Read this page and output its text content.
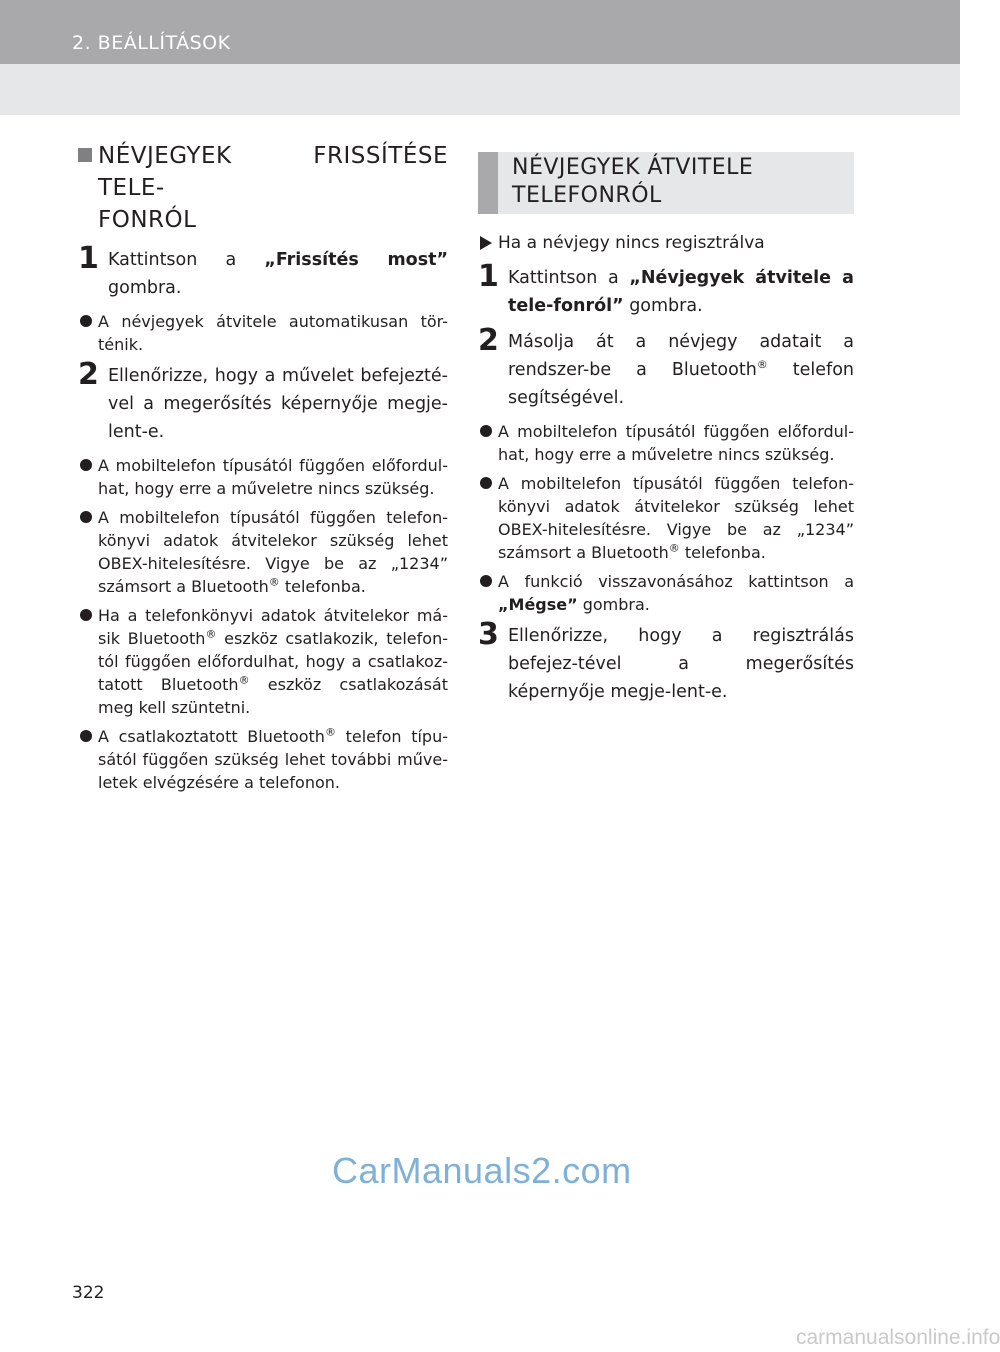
2. BEÁLLÍTÁSOK
NÉVJEGYEK FRISSÍTÉSE TELE-
FONRÓL
1 Kattintson a „Frissítés most” gombra.

A névjegyek átvitele automatikusan tör-ténik.

2 Ellenőrizze, hogy a művelet befejezté-vel a megerősítés képernyője megje-lent-e.

A mobiltelefon típusától függően előfordul-hat, hogy erre a műveletre nincs szükség.

A mobiltelefon típusától függően telefon-könyvi adatok átvitelekor szükség lehet OBEX-hitelesítésre. Vigye be az „1234” számsort a Bluetooth® telefonba.

Ha a telefonkönyvi adatok átvitelekor má-sik Bluetooth® eszköz csatlakozik, telefon-tól függően előfordulhat, hogy a csatlakoz-tatott Bluetooth® eszköz csatlakozását meg kell szüntetni.

A csatlakoztatott Bluetooth® telefon típu-sától függően szükség lehet további műve-letek elvégzésére a telefonon.

NÉVJEGYEK ÁTVITELE
TELEFONRÓL

Ha a névjegy nincs regisztrálva

1 Kattintson a „Névjegyek átvitele a tele-fonról” gombra.

2 Másolja át a névjegy adatait a rendszer-be a Bluetooth® telefon segítségével.

A mobiltelefon típusától függően előfordul-hat, hogy erre a műveletre nincs szükség.

A mobiltelefon típusától függően telefon-könyvi adatok átvitelekor szükség lehet OBEX-hitelesítésre. Vigye be az „1234” számsort a Bluetooth® telefonba.

A funkció visszavonásához kattintson a „Mégse” gombra.

3 Ellenőrizze, hogy a regisztrálás befejez-tével a megerősítés képernyője megje-lent-e.

CarManuals2.com
322
carmanualsonline.info
